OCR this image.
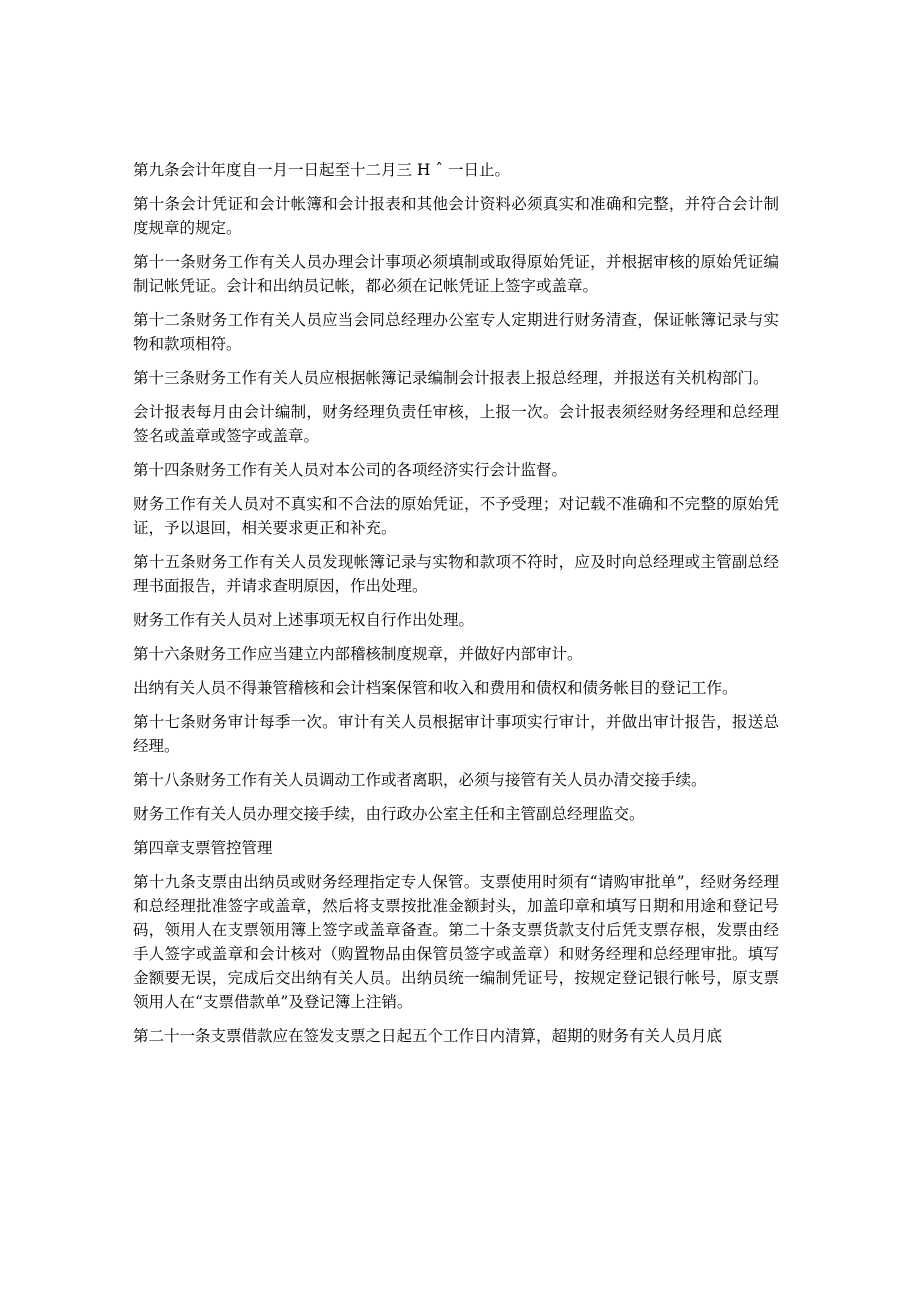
第九条会计年度自一月一日起至十二月三 H ˆ 一日止。

第十条会计凭证和会计帐簿和会计报表和其他会计资料必须真实和准确和完整，并符合会计制度规章的规定。

第十一条财务工作有关人员办理会计事项必须填制或取得原始凭证，并根据审核的原始凭证编制记帐凭证。会计和出纳员记帐，都必须在记帐凭证上签字或盖章。

第十二条财务工作有关人员应当会同总经理办公室专人定期进行财务清查，保证帐簿记录与实物和款项相符。

第十三条财务工作有关人员应根据帐簿记录编制会计报表上报总经理，并报送有关机构部门。

会计报表每月由会计编制，财务经理负责任审核，上报一次。会计报表须经财务经理和总经理签名或盖章或签字或盖章。

第十四条财务工作有关人员对本公司的各项经济实行会计监督。

财务工作有关人员对不真实和不合法的原始凭证，不予受理；对记载不准确和不完整的原始凭证，予以退回，相关要求更正和补充。

第十五条财务工作有关人员发现帐簿记录与实物和款项不符时，应及时向总经理或主管副总经理书面报告，并请求查明原因，作出处理。

财务工作有关人员对上述事项无权自行作出处理。

第十六条财务工作应当建立内部稽核制度规章，并做好内部审计。

出纳有关人员不得兼管稽核和会计档案保管和收入和费用和债权和债务帐目的登记工作。

第十七条财务审计每季一次。审计有关人员根据审计事项实行审计，并做出审计报告，报送总经理。

第十八条财务工作有关人员调动工作或者离职，必须与接管有关人员办清交接手续。

财务工作有关人员办理交接手续，由行政办公室主任和主管副总经理监交。

第四章支票管控管理

第十九条支票由出纳员或财务经理指定专人保管。支票使用时须有“请购审批单”，经财务经理和总经理批准签字或盖章，然后将支票按批准金额封头，加盖印章和填写日期和用途和登记号码，领用人在支票领用簿上签字或盖章备查。第二十条支票货款支付后凭支票存根，发票由经手人签字或盖章和会计核对（购置物品由保管员签字或盖章）和财务经理和总经理审批。填写金额要无误，完成后交出纳有关人员。出纳员统一编制凭证号，按规定登记银行帐号，原支票领用人在“支票借款单”及登记簿上注销。

第二十一条支票借款应在签发支票之日起五个工作日内清算，超期的财务有关人员月底
